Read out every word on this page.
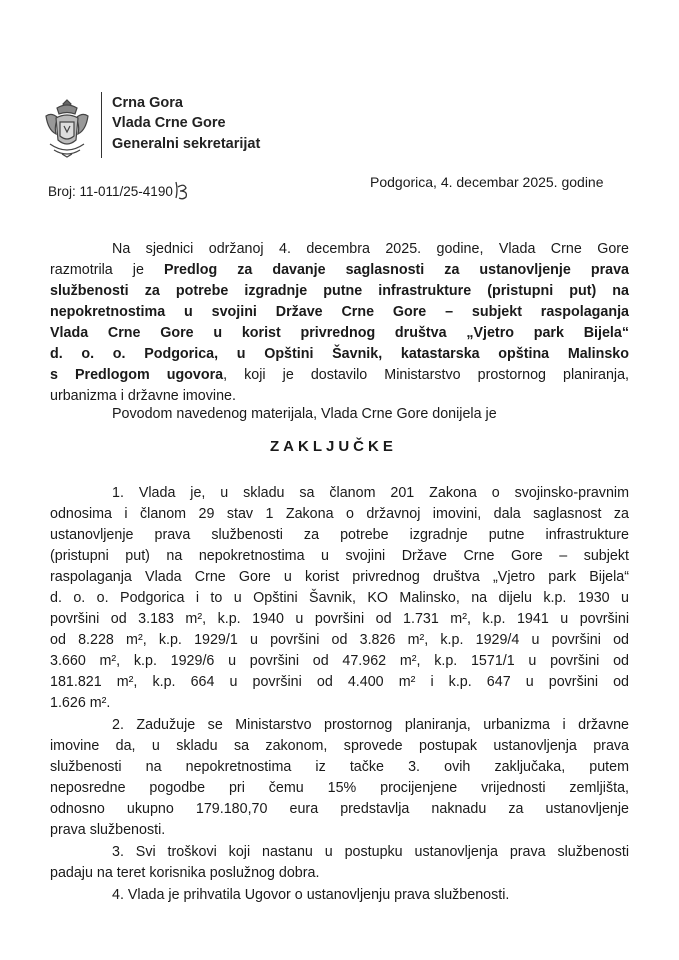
Crna Gora
Vlada Crne Gore
Generalni sekretarijat
Broj: 11-011/25-4190
Podgorica, 4. decembar 2025. godine
Na sjednici održanoj 4. decembra 2025. godine, Vlada Crne Gore
razmotrila je Predlog za davanje saglasnosti za ustanovljenje prava
službenosti za potrebe izgradnje putne infrastrukture (pristupni put) na
nepokretnostima u svojini Države Crne Gore – subjekt raspolaganja
Vlada Crne Gore u korist privrednog društva „Vjetro park Bijela“
d. o. o. Podgorica, u Opštini Šavnik, katastarska opština Malinsko
s Predlogom ugovora, koji je dostavilo Ministarstvo prostornog planiranja,
urbanizma i državne imovine.
Povodom navedenog materijala, Vlada Crne Gore donijela je
ZAKLJUČKE
1. Vlada je, u skladu sa članom 201 Zakona o svojinsko-pravnim
odnosima i članom 29 stav 1 Zakona o državnoj imovini, dala saglasnost za
ustanovljenje prava službenosti za potrebe izgradnje putne infrastrukture
(pristupni put) na nepokretnostima u svojini Države Crne Gore – subjekt
raspolaganja Vlada Crne Gore u korist privrednog društva „Vjetro park Bijela“
d. o. o. Podgorica i to u Opštini Šavnik, KO Malinsko, na dijelu k.p. 1930 u
površini od 3.183 m², k.p. 1940 u površini od 1.731 m², k.p. 1941 u površini
od 8.228 m², k.p. 1929/1 u površini od 3.826 m², k.p. 1929/4 u površini od
3.660 m², k.p. 1929/6 u površini od 47.962 m², k.p. 1571/1 u površini od
181.821 m², k.p. 664 u površini od 4.400 m² i k.p. 647 u površini od
1.626 m².
2. Zadužuje se Ministarstvo prostornog planiranja, urbanizma i državne
imovine da, u skladu sa zakonom, sprovede postupak ustanovljenja prava
službenosti na nepokretnostima iz tačke 3. ovih zaključaka, putem
neposredne pogodbe pri čemu 15% procijenjene vrijednosti zemljišta,
odnosno ukupno 179.180,70 eura predstavlja naknadu za ustanovljenje
prava službenosti.
3. Svi troškovi koji nastanu u postupku ustanovljenja prava službenosti
padaju na teret korisnika poslužnog dobra.
4. Vlada je prihvatila Ugovor o ustanovljenju prava službenosti.
